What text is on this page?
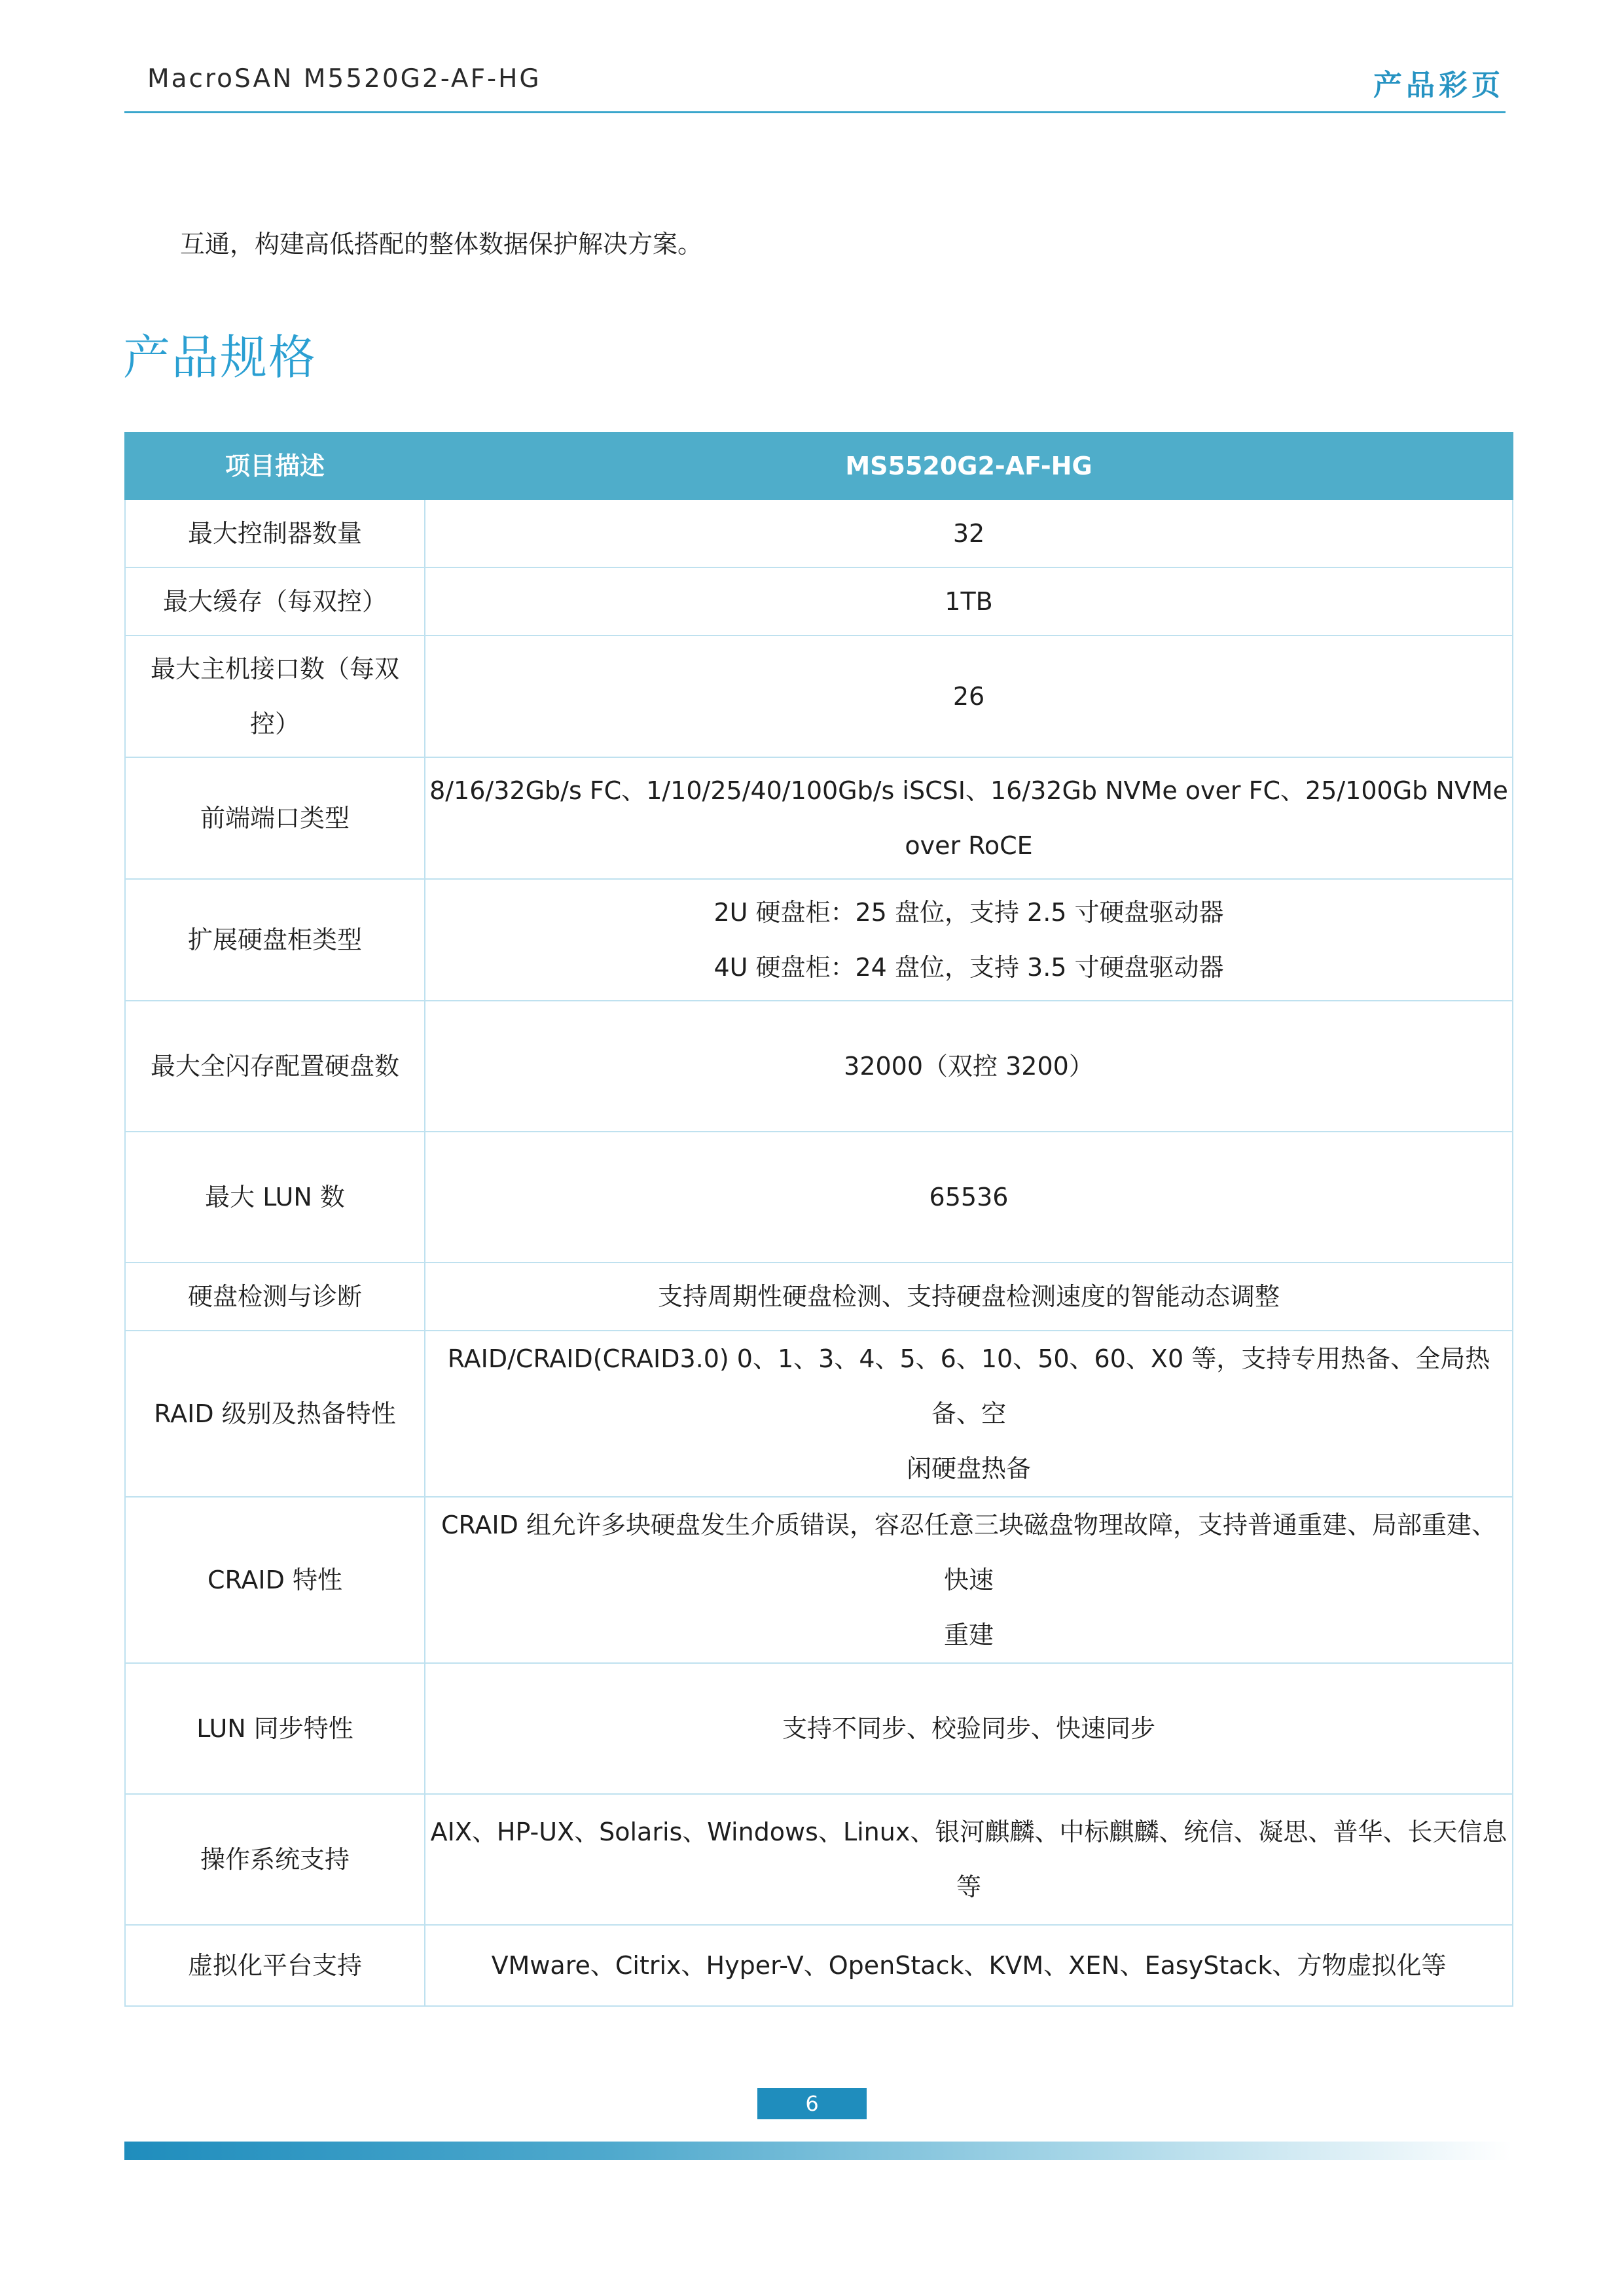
MacroSAN M5520G2-AF-HG	产品彩页
互通，构建高低搭配的整体数据保护解决方案。
产品规格
项目描述	MS5520G2-AF-HG

最大控制器数量	32

最大缓存（每双控）	1TB

最大主机接口数（每双
控）	26

前端端口类型	8/16/32Gb/s FC、1/10/25/40/100Gb/s iSCSI、16/32Gb NVMe over FC、25/100Gb NVMe
over RoCE

扩展硬盘柜类型	2U 硬盘柜：25 盘位，支持 2.5 寸硬盘驱动器
4U 硬盘柜：24 盘位，支持 3.5 寸硬盘驱动器

最大全闪存配置硬盘数	32000（双控 3200）

最大 LUN 数	65536

硬盘检测与诊断	支持周期性硬盘检测、支持硬盘检测速度的智能动态调整

RAID 级别及热备特性	RAID/CRAID(CRAID3.0) 0、1、3、4、5、6、10、50、60、X0 等，支持专用热备、全局热备、空
闲硬盘热备

CRAID 特性	CRAID 组允许多块硬盘发生介质错误，容忍任意三块磁盘物理故障，支持普通重建、局部重建、快速
重建

LUN 同步特性	支持不同步、校验同步、快速同步

操作系统支持	AIX、HP-UX、Solaris、Windows、Linux、银河麒麟、中标麒麟、统信、凝思、普华、长天信息等

虚拟化平台支持	VMware、Citrix、Hyper-V、OpenStack、KVM、XEN、EasyStack、方物虚拟化等
6
